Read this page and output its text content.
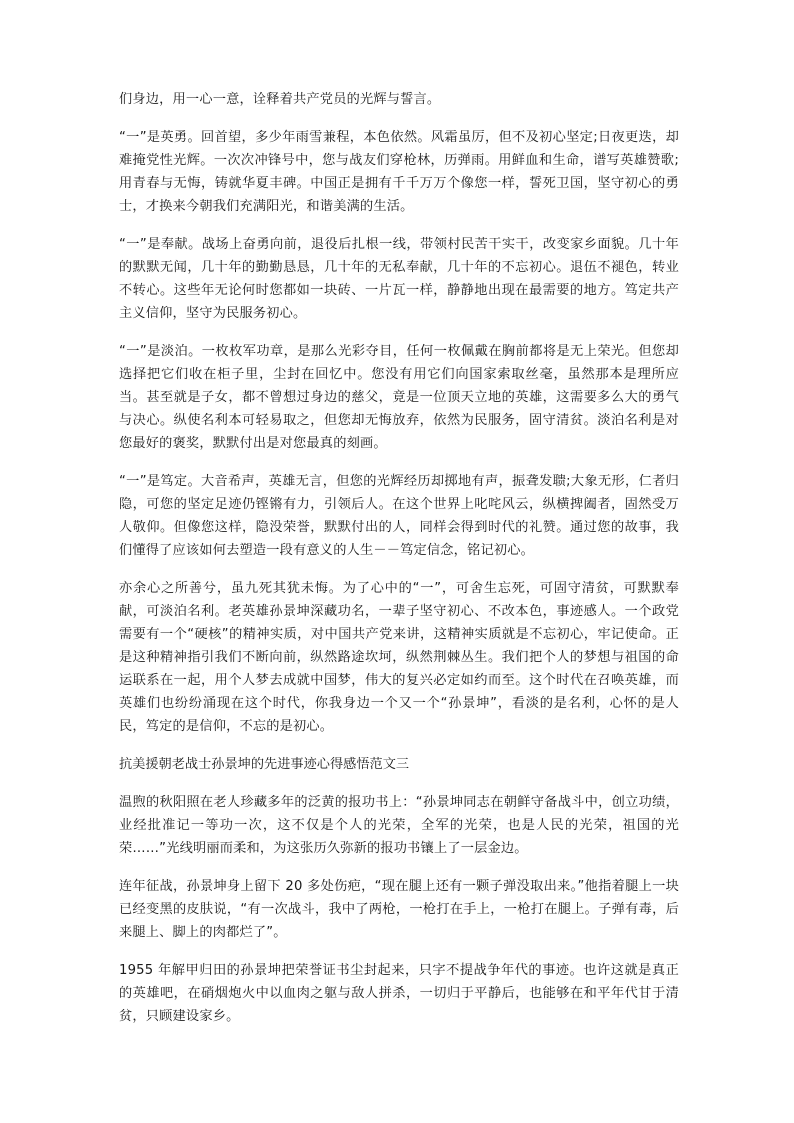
们身边，用一心一意，诠释着共产党员的光辉与誓言。

“一”是英勇。回首望，多少年雨雪兼程，本色依然。风霜虽厉，但不及初心坚定;日夜更迭，却难掩党性光辉。一次次冲锋号中，您与战友们穿枪林，历弹雨。用鲜血和生命，谱写英雄赞歌;用青春与无悔，铸就华夏丰碑。中国正是拥有千千万万个像您一样，誓死卫国，坚守初心的勇士，才换来今朝我们充满阳光，和谐美满的生活。

“一”是奉献。战场上奋勇向前，退役后扎根一线，带领村民苦干实干，改变家乡面貌。几十年的默默无闻，几十年的勤勤恳恳，几十年的无私奉献，几十年的不忘初心。退伍不褪色，转业不转心。这些年无论何时您都如一块砖、一片瓦一样，静静地出现在最需要的地方。笃定共产主义信仰，坚守为民服务初心。

“一”是淡泊。一枚枚军功章，是那么光彩夺目，任何一枚佩戴在胸前都将是无上荣光。但您却选择把它们收在柜子里，尘封在回忆中。您没有用它们向国家索取丝毫，虽然那本是理所应当。甚至就是子女，都不曾想过身边的慈父，竟是一位顶天立地的英雄，这需要多么大的勇气与决心。纵使名利本可轻易取之，但您却无悔放弃，依然为民服务，固守清贫。淡泊名利是对您最好的褒奖，默默付出是对您最真的刻画。

“一”是笃定。大音希声，英雄无言，但您的光辉经历却掷地有声，振聋发聩;大象无形，仁者归隐，可您的坚定足迹仍铿锵有力，引领后人。在这个世界上叱咤风云，纵横捭阖者，固然受万人敬仰。但像您这样，隐没荣誉，默默付出的人，同样会得到时代的礼赞。通过您的故事，我们懂得了应该如何去塑造一段有意义的人生－－笃定信念，铭记初心。

亦余心之所善兮，虽九死其犹未悔。为了心中的“一”，可舍生忘死，可固守清贫，可默默奉献，可淡泊名利。老英雄孙景坤深藏功名，一辈子坚守初心、不改本色，事迹感人。一个政党需要有一个“硬核”的精神实质，对中国共产党来讲，这精神实质就是不忘初心，牢记使命。正是这种精神指引我们不断向前，纵然路途坎坷，纵然荆棘丛生。我们把个人的梦想与祖国的命运联系在一起，用个人梦去成就中国梦，伟大的复兴必定如约而至。这个时代在召唤英雄，而英雄们也纷纷涌现在这个时代，你我身边一个又一个“孙景坤”，看淡的是名利，心怀的是人民，笃定的是信仰，不忘的是初心。

抗美援朝老战士孙景坤的先进事迹心得感悟范文三

温煦的秋阳照在老人珍藏多年的泛黄的报功书上：“孙景坤同志在朝鲜守备战斗中，创立功绩，业经批准记一等功一次，这不仅是个人的光荣，全军的光荣，也是人民的光荣，祖国的光荣……”光线明丽而柔和，为这张历久弥新的报功书镶上了一层金边。

连年征战，孙景坤身上留下 20 多处伤疤，“现在腿上还有一颗子弹没取出来。”他指着腿上一块已经变黑的皮肤说，“有一次战斗，我中了两枪，一枪打在手上，一枪打在腿上。子弹有毒，后来腿上、脚上的肉都烂了”。

1955 年解甲归田的孙景坤把荣誉证书尘封起来，只字不提战争年代的事迹。也许这就是真正的英雄吧，在硝烟炮火中以血肉之躯与敌人拼杀，一切归于平静后，也能够在和平年代甘于清贫，只顾建设家乡。
